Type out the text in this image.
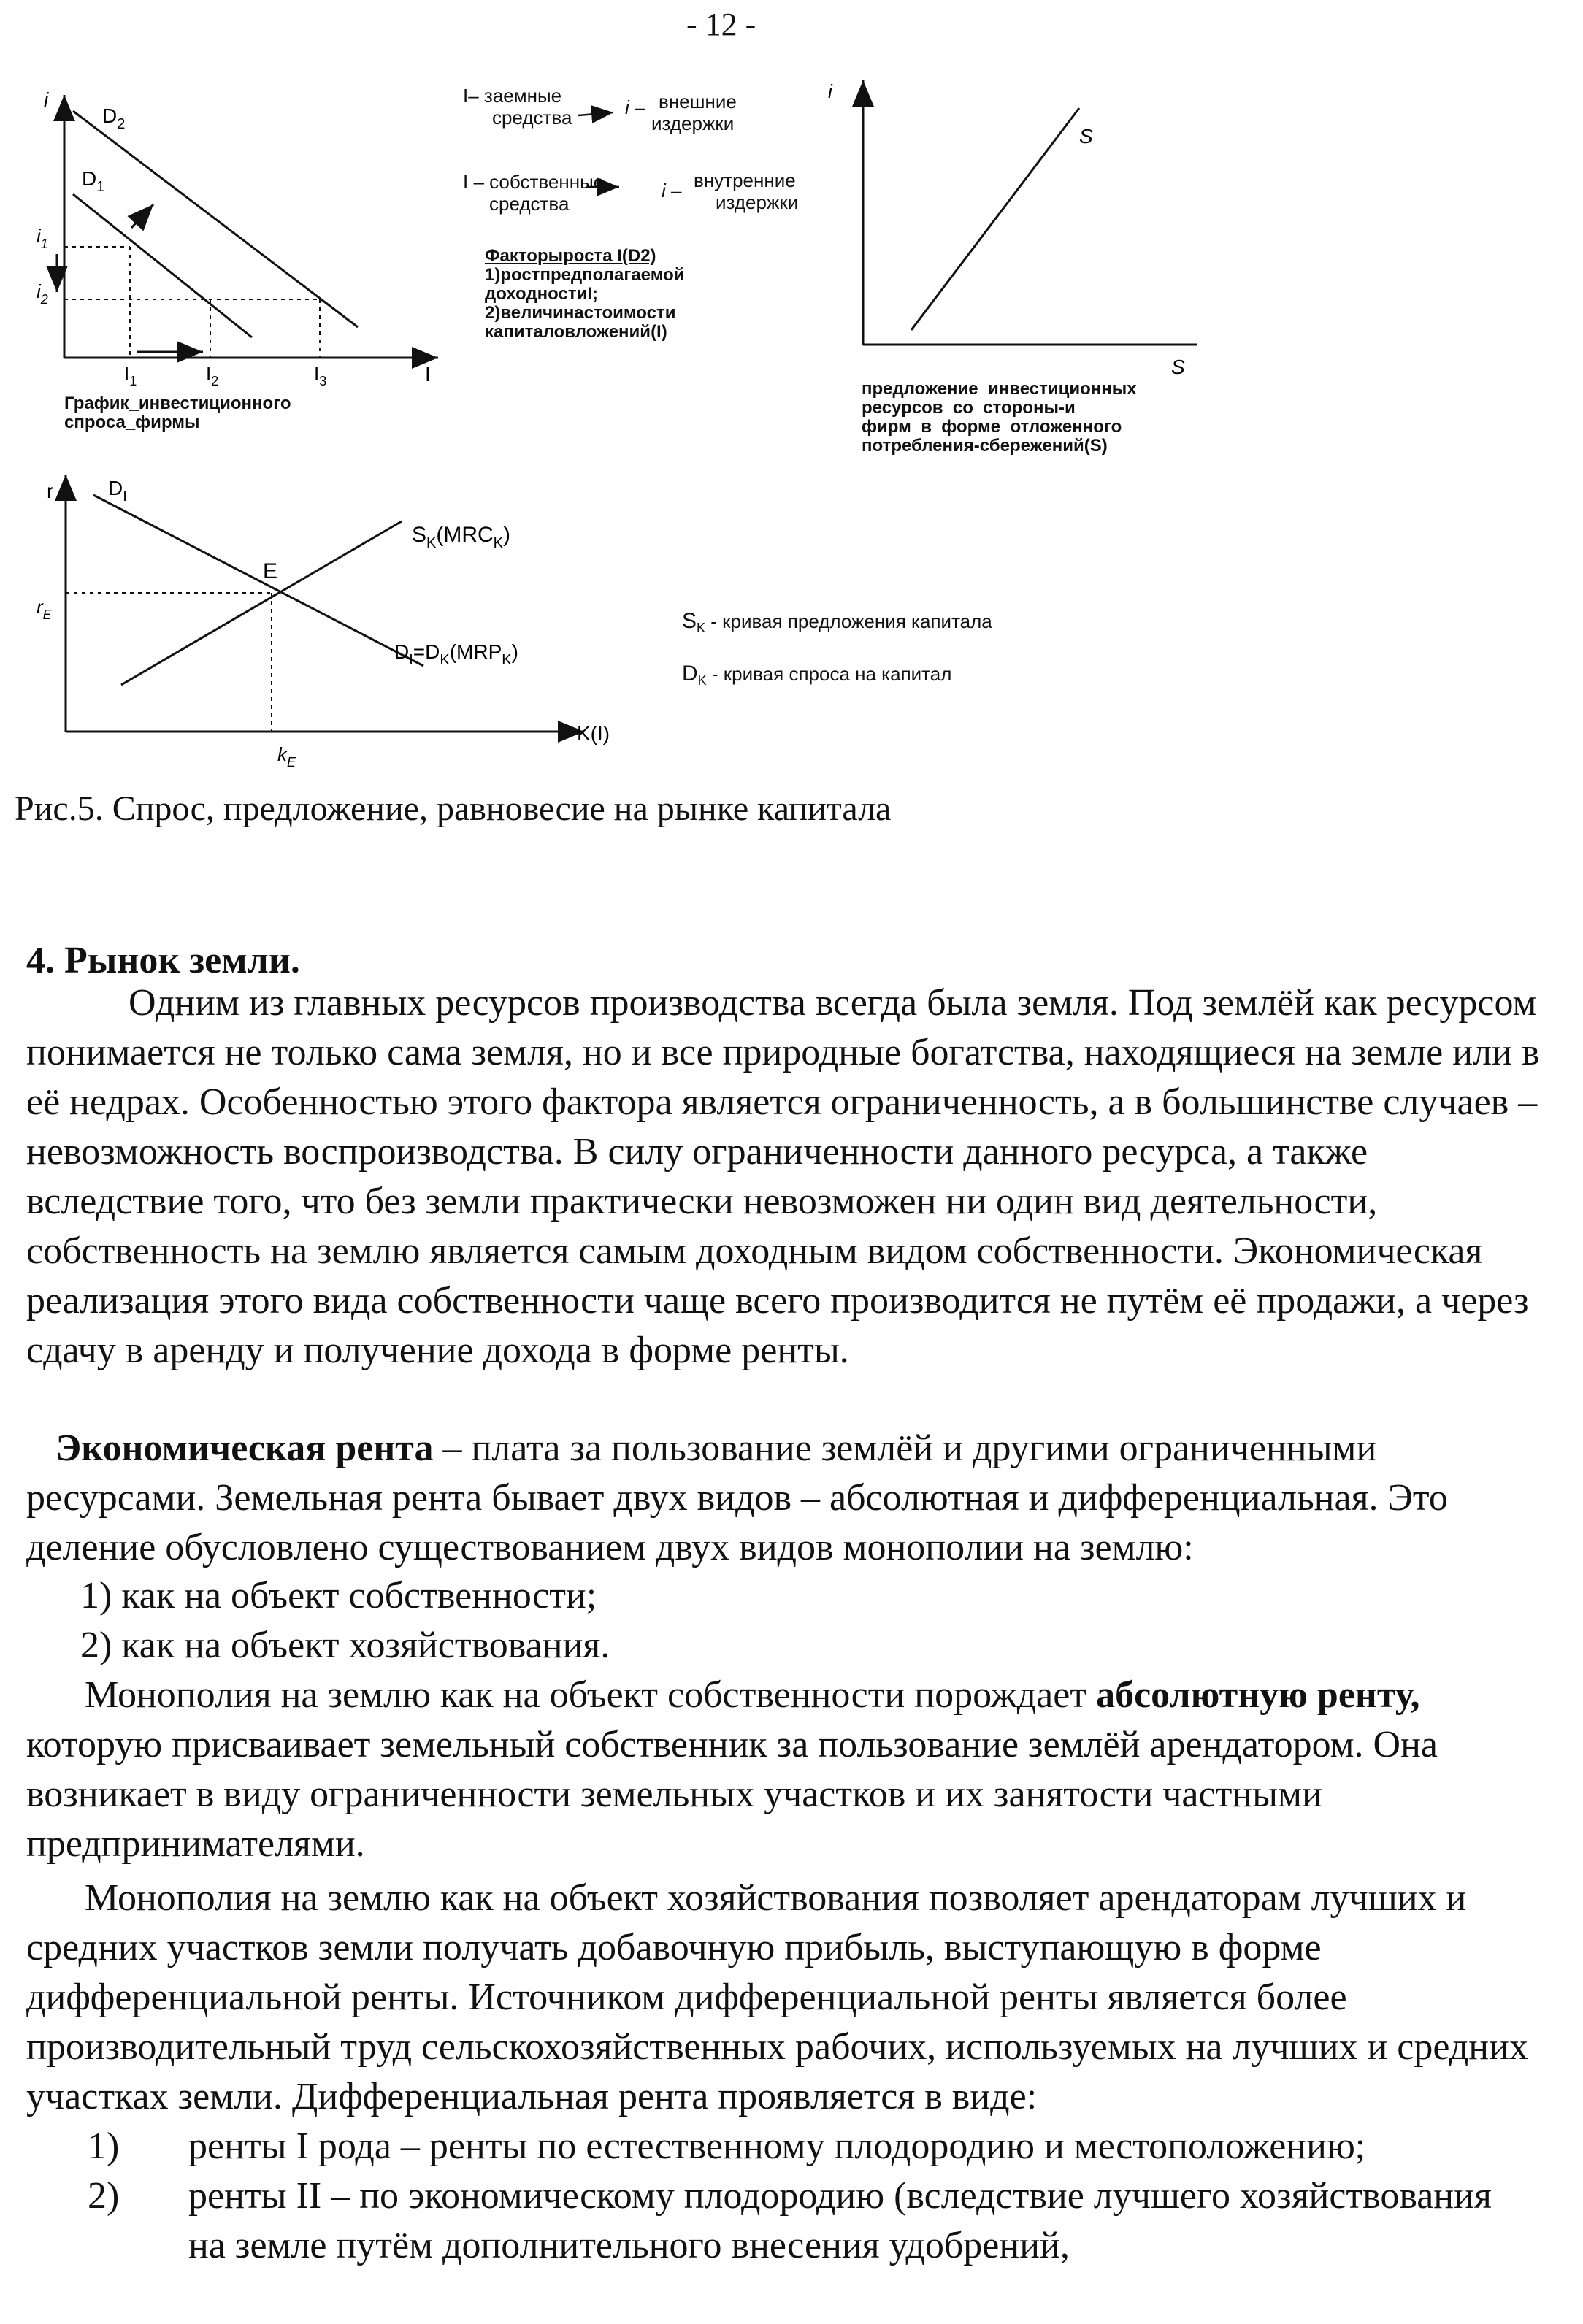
- 12 -
i
I
$D_2$
$D_1$
$i_1$
$i_2$
$I_1$	$I_2$	$I_3$
График_инвестиционного
спроса_фирмы
I– заемные
средства	i – внешние
издержки
I – собственные
средства
i – внутренние
издержки
Факторыроста I(D2)
1)ростпредполагаемой
доходностиI;
2)величинастоимости
капиталовложений(I)
i
S
S
предложение_инвестиционных
ресурсов_со_стороны-и
фирм_в_форме_отложенного_
потребления-сбережений(S)
r	$D_I$
$S_K(MRC_K)$
E
$D_I=D_K(MRP_K)$
$r_E$
$k_E$
K(I)
$S_K$ - кривая предложения капитала
$D_K$ - кривая спроса на капитал
Рис.5. Спрос, предложение, равновесие на рынке капитала
4. Рынок земли.
Одним из главных ресурсов производства всегда была земля. Под землёй как ресурсом понимается не только сама земля, но и все природные богатства, находящиеся на земле или в её недрах. Особенностью этого фактора является ограниченность, а в большинстве случаев – невозможность воспроизводства. В силу ограниченности данного ресурса, а также вследствие того, что без земли практически невозможен ни один вид деятельности, собственность на землю является самым доходным видом собственности. Экономическая реализация этого вида собственности чаще всего производится не путём её продажи, а через сдачу в аренду и получение дохода в форме ренты.
Экономическая рента – плата за пользование землёй и другими ограниченными ресурсами. Земельная рента бывает двух видов – абсолютная и дифференциальная. Это деление обусловлено существованием двух видов монополии на землю:
1) как на объект собственности;
2) как на объект хозяйствования.
Монополия на землю как на объект собственности порождает абсолютную ренту, которую присваивает земельный собственник за пользование землёй арендатором. Она возникает в виду ограниченности земельных участков и их занятости частными предпринимателями.
Монополия на землю как на объект хозяйствования позволяет арендаторам лучших и средних участков земли получать добавочную прибыль, выступающую в форме дифференциальной ренты. Источником дифференциальной ренты является более производительный труд сельскохозяйственных рабочих, используемых на лучших и средних участках земли. Дифференциальная рента проявляется в виде:
1) ренты I рода – ренты по естественному плодородию и местоположению;
2) ренты II – по экономическому плодородию (вследствие лучшего хозяйствования на земле путём дополнительного внесения удобрений,
